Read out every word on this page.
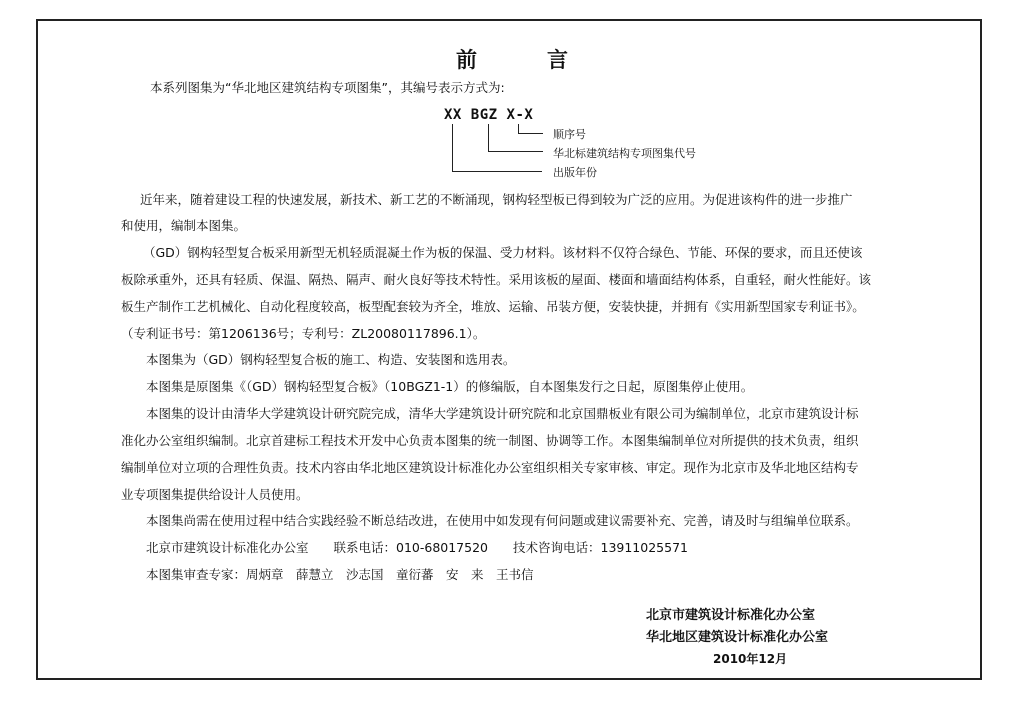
前	言
本系列图集为“华北地区建筑结构专项图集”，其编号表示方式为:
XX BGZ X-X
顺序号
华北标建筑结构专项图集代号
出版年份
近年来，随着建设工程的快速发展，新技术、新工艺的不断涌现，钢构轻型板已得到较为广泛的应用。为促进该构件的进一步推广
和使用，编制本图集。
（GD）钢构轻型复合板采用新型无机轻质混凝土作为板的保温、受力材料。该材料不仅符合绿色、节能、环保的要求，而且还使该
板除承重外，还具有轻质、保温、隔热、隔声、耐火良好等技术特性。采用该板的屋面、楼面和墙面结构体系，自重轻，耐火性能好。该
板生产制作工艺机械化、自动化程度较高，板型配套较为齐全，堆放、运输、吊装方便，安装快捷，并拥有《实用新型国家专利证书》。
（专利证书号：第1206136号；专利号：ZL20080117896.1）。
本图集为（GD）钢构轻型复合板的施工、构造、安装图和选用表。
本图集是原图集《（GD）钢构轻型复合板》（10BGZ1-1）的修编版，自本图集发行之日起，原图集停止使用。
本图集的设计由清华大学建筑设计研究院完成，清华大学建筑设计研究院和北京国鼎板业有限公司为编制单位，北京市建筑设计标
准化办公室组织编制。北京首建标工程技术开发中心负责本图集的统一制图、协调等工作。本图集编制单位对所提供的技术负责，组织
编制单位对立项的合理性负责。技术内容由华北地区建筑设计标准化办公室组织相关专家审核、审定。现作为北京市及华北地区结构专
业专项图集提供给设计人员使用。
本图集尚需在使用过程中结合实践经验不断总结改进，在使用中如发现有何问题或建议需要补充、完善，请及时与组编单位联系。
北京市建筑设计标准化办公室　　联系电话：010-68017520　　技术咨询电话：13911025571
本图集审查专家：周炳章　薛慧立　沙志国　童衍蕃　安　来　王书信
北京市建筑设计标准化办公室
华北地区建筑设计标准化办公室
2010年12月
